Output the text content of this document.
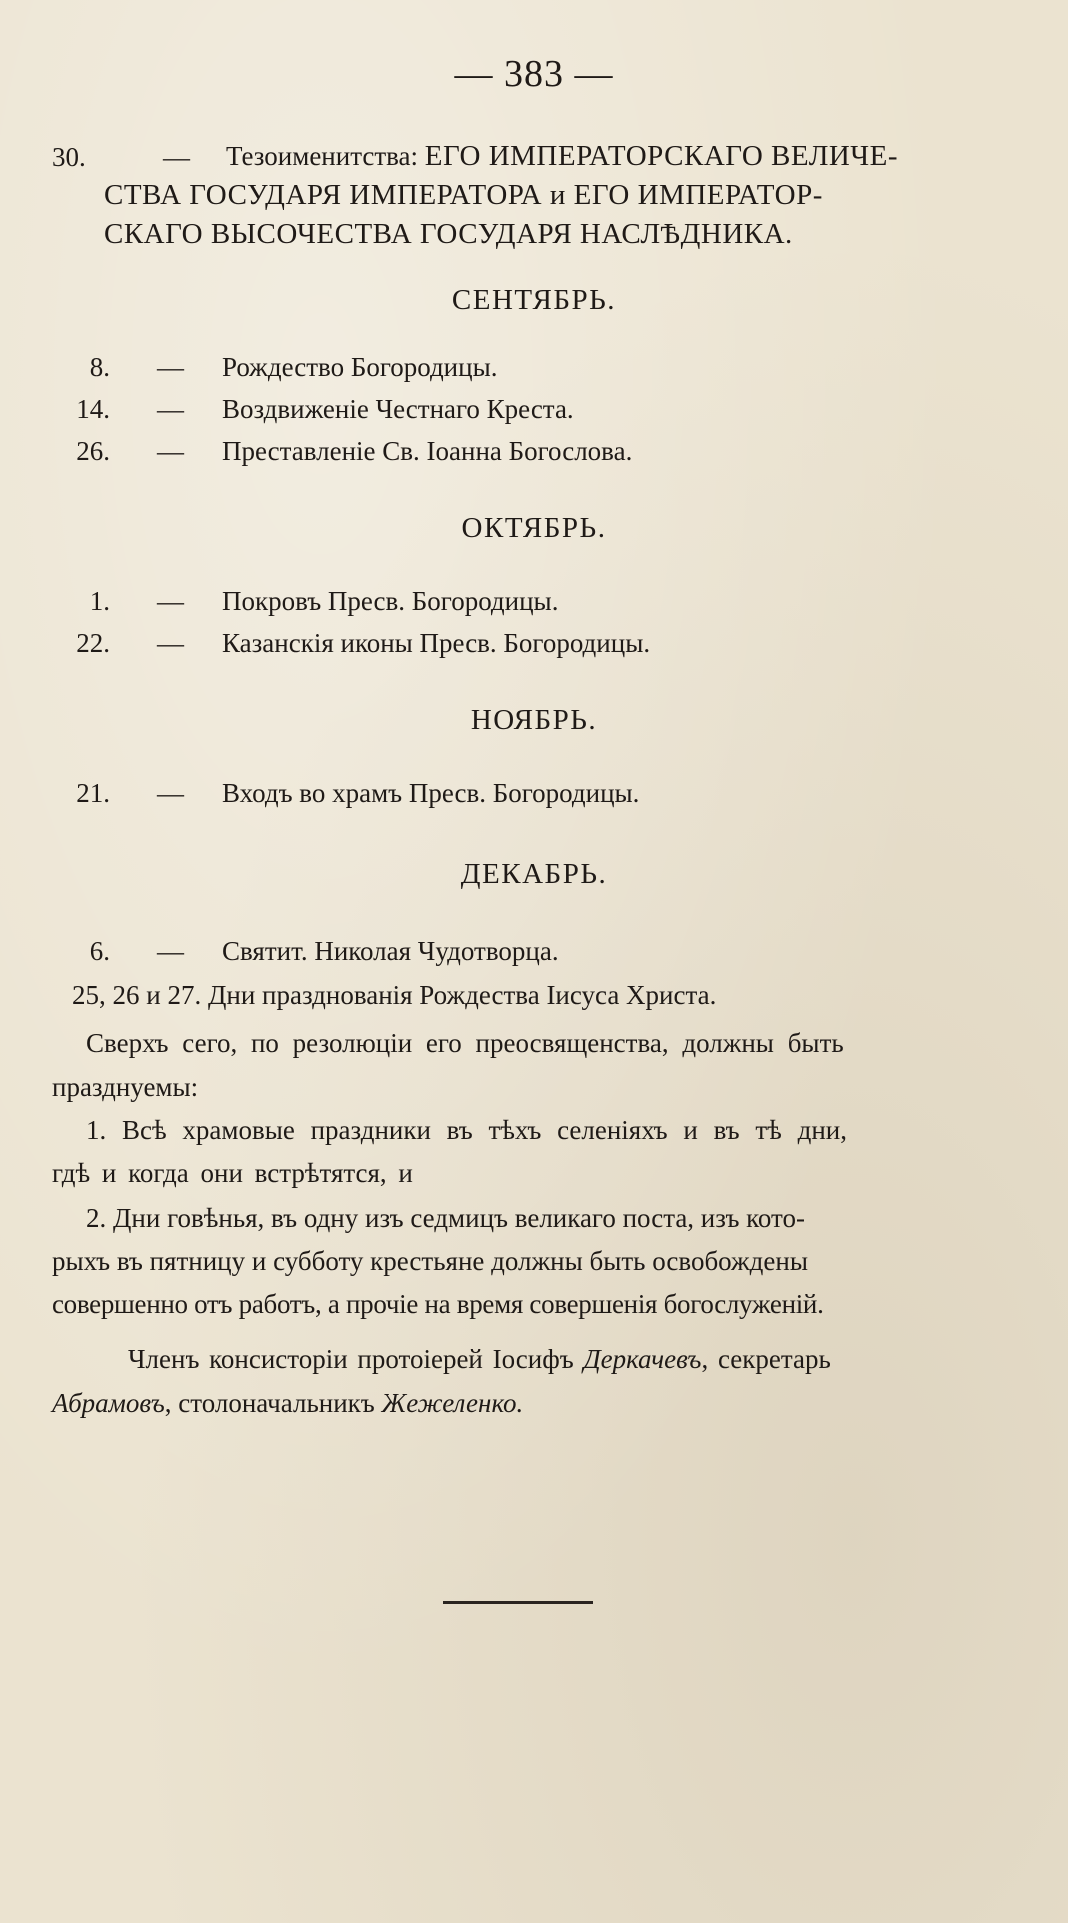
— 383 —
30.	— Тезоименитства: ЕГО ИМПЕРАТОРСКАГО ВЕЛИЧЕ-
СТВА ГОСУДАРЯ ИМПЕРАТОРА и ЕГО ИМПЕРАТОР-
СКАГО ВЫСОЧЕСТВА ГОСУДАРЯ НАСЛѢДНИКА.
СЕНТЯБРЬ.
8. — Рождество Богородицы.
14. — Воздвиженіе Честнаго Креста.
26. — Преставленіе Св. Іоанна Богослова.
ОКТЯБРЬ.
1. — Покровъ Пресв. Богородицы.
22. — Казанскія иконы Пресв. Богородицы.
НОЯБРЬ.
21. — Входъ во храмъ Пресв. Богородицы.
ДЕКАБРЬ.
6. — Святит. Николая Чудотворца.
25, 26 и 27. Дни празднованія Рождества Іисуса Христа.
Сверхъ сего, по резолюціи его преосвященства, должны быть
празднуемы:
1. Всѣ храмовые праздники въ тѣхъ селеніяхъ и въ тѣ дни,
гдѣ и когда они встрѣтятся, и
2. Дни говѣнья, въ одну изъ седмицъ великаго поста, изъ кото-
рыхъ въ пятницу и субботу крестьяне должны быть освобождены
совершенно отъ работъ, а прочіе на время совершенія богослуженій.
Членъ консисторіи протоіерей Іосифъ Деркачевъ, секретарь
Абрамовъ, столоначальникъ Жежеленко.
